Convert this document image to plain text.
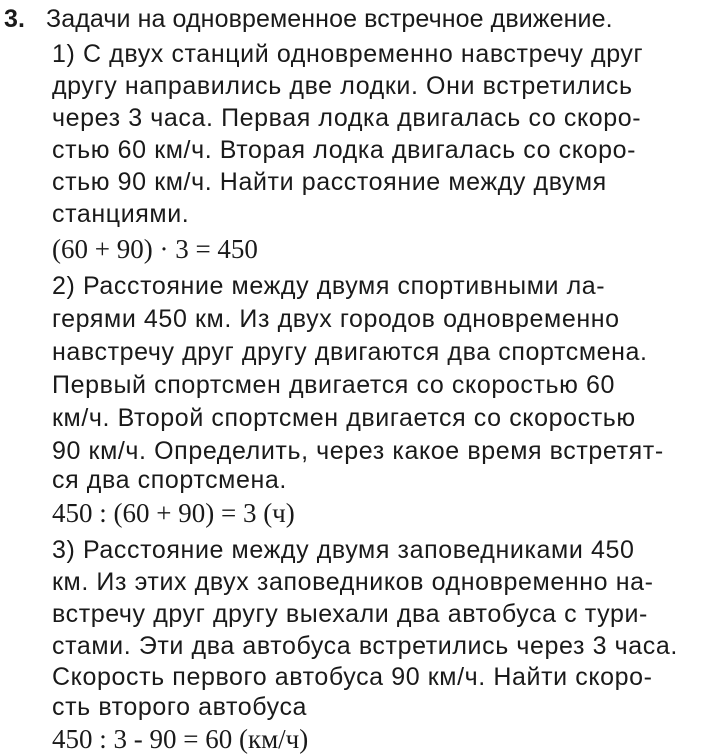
3. Задачи на одновременное встречное движение.
1) С двух станций одновременно навстречу друг
другу направились две лодки. Они встретились
через 3 часа. Первая лодка двигалась со скоро-
стью 60 км/ч. Вторая лодка двигалась со скоро-
стью 90 км/ч. Найти расстояние между двумя
станциями.
(60 + 90) · 3 = 450
2) Расстояние между двумя спортивными ла-
герями 450 км. Из двух городов одновременно
навстречу друг другу двигаются два спортсмена.
Первый спортсмен двигается со скоростью 60
км/ч. Второй спортсмен двигается со скоростью
90 км/ч. Определить, через какое время встретят-
ся два спортсмена.
450 : (60 + 90) = 3 (ч)
3) Расстояние между двумя заповедниками 450
км. Из этих двух заповедников одновременно на-
встречу друг другу выехали два автобуса с тури-
стами. Эти два автобуса встретились через 3 часа.
Скорость первого автобуса 90 км/ч. Найти скоро-
сть второго автобуса
450 : 3 - 90 = 60 (км/ч)
